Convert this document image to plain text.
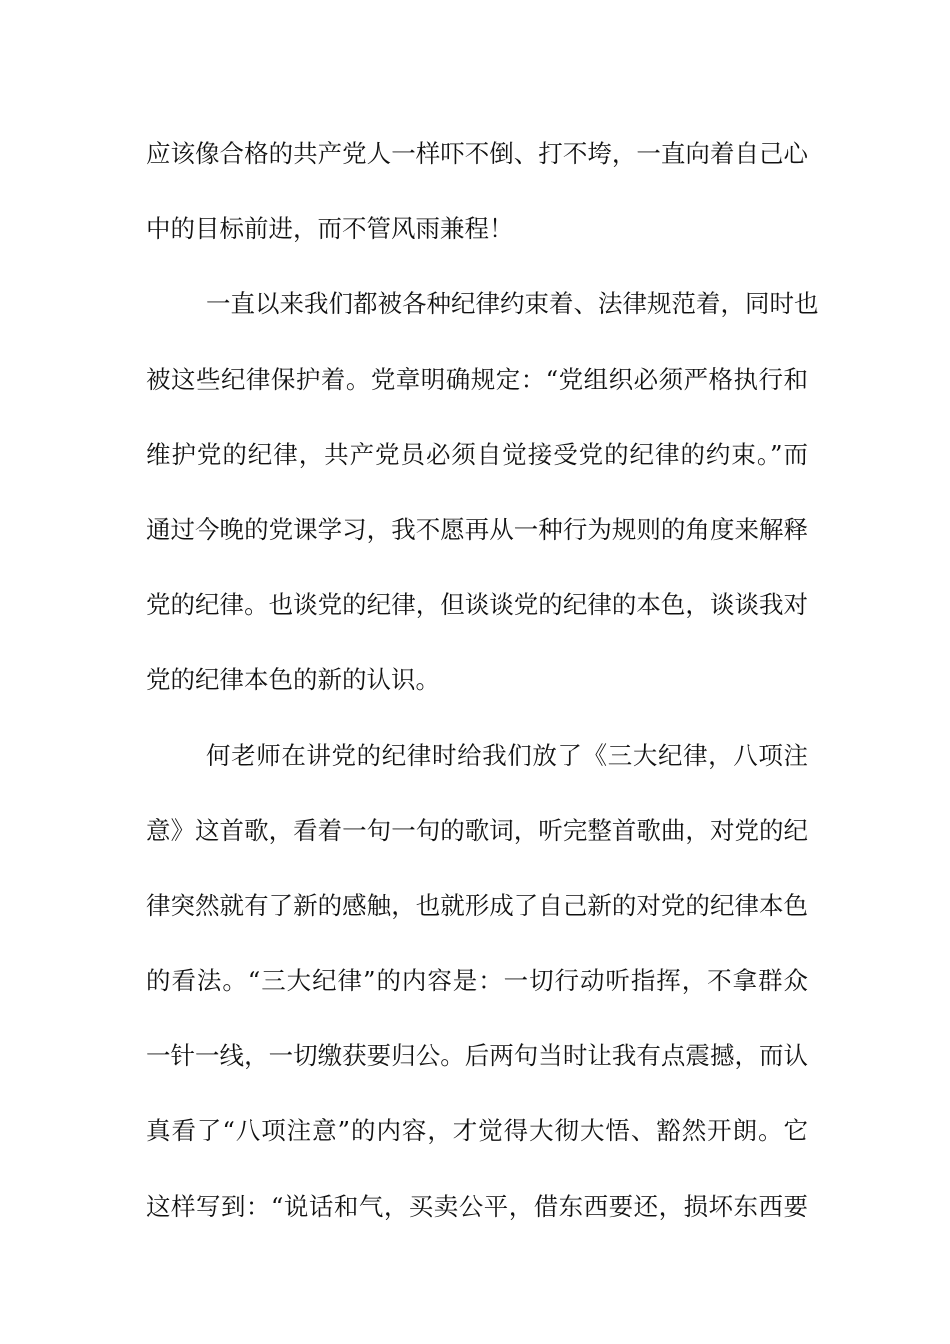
应该像合格的共产党人一样吓不倒、打不垮，一直向着自己心
中的目标前进，而不管风雨兼程！
一直以来我们都被各种纪律约束着、法律规范着，同时也
被这些纪律保护着。党章明确规定：“党组织必须严格执行和
维护党的纪律，共产党员必须自觉接受党的纪律的约束。”而
通过今晚的党课学习，我不愿再从一种行为规则的角度来解释
党的纪律。也谈党的纪律，但谈谈党的纪律的本色，谈谈我对
党的纪律本色的新的认识。
何老师在讲党的纪律时给我们放了《三大纪律，八项注
意》这首歌，看着一句一句的歌词，听完整首歌曲，对党的纪
律突然就有了新的感触，也就形成了自己新的对党的纪律本色
的看法。“三大纪律”的内容是：一切行动听指挥，不拿群众
一针一线，一切缴获要归公。后两句当时让我有点震撼，而认
真看了“八项注意”的内容，才觉得大彻大悟、豁然开朗。它
这样写到：“说话和气，买卖公平，借东西要还，损坏东西要
